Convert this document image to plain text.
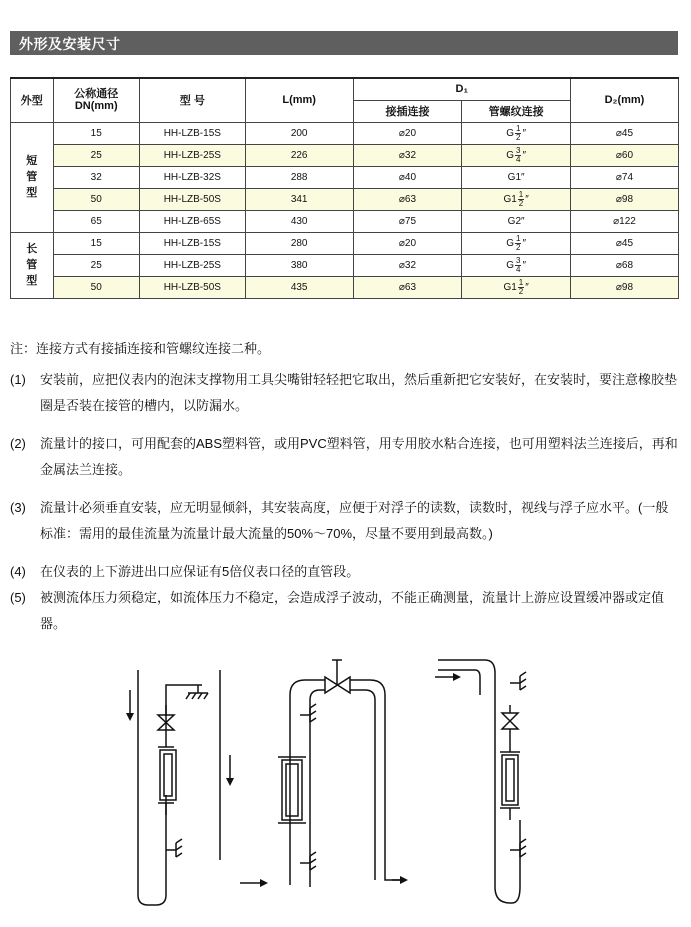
外形及安装尺寸
外型	公称通径
DN(mm)	型 号	L(mm)	D₁		D₂(mm)
				接插连接	管螺纹连接	
短
管
型	15	HH-LZB-15S	200	⌀20	G $\frac{1}{2}$ ″	⌀45
	25	HH-LZB-25S	226	⌀32	G $\frac{3}{4}$ ″	⌀60
	32	HH-LZB-32S	288	⌀40	G1″	⌀74
	50	HH-LZB-50S	341	⌀63	$G1 \frac{1}{2}$ ″	⌀98
	65	HH-LZB-65S	430	⌀75	G2″	⌀122
长
管
型	15	HH-LZB-15S	280	⌀20	G $\frac{1}{2}$ ″	⌀45
	25	HH-LZB-25S	380	⌀32	G $\frac{3}{4}$ ″	⌀68
	50	HH-LZB-50S	435	⌀63	$G1 \frac{1}{2}$ ″	⌀98
注：连接方式有接插连接和管螺纹连接二种。
(1)	安装前，应把仪表内的泡沫支撑物用工具尖嘴钳轻轻把它取出，然后重新把它安装好，在安装时，要注意橡胶垫圈是否装在接管的槽内，以防漏水。
(2)	流量计的接口，可用配套的ABS塑料管，或用PVC塑料管，用专用胶水粘合连接，也可用塑料法兰连接后，再和金属法兰连接。
(3)	流量计必须垂直安装，应无明显倾斜，其安装高度，应便于对浮子的读数，读数时，视线与浮子应水平。(一般标准：需用的最佳流量为流量计最大流量的50%～70%，尽量不要用到最高数。)
(4)	在仪表的上下游进出口应保证有5倍仪表口径的直管段。
(5)	被测流体压力须稳定，如流体压力不稳定，会造成浮子波动，不能正确测量，流量计上游应设置缓冲器或定值器。
